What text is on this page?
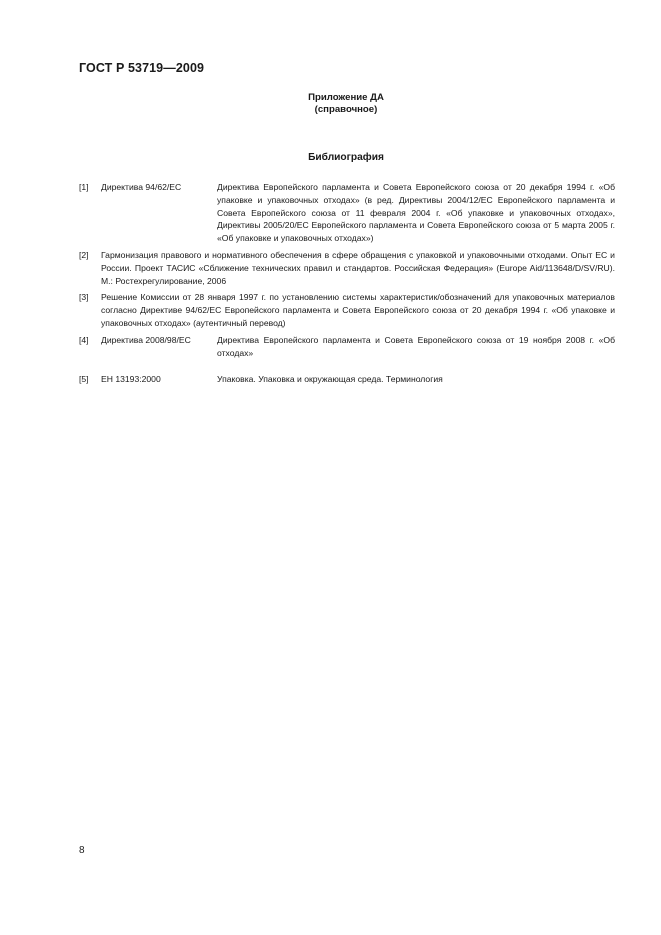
ГОСТ Р 53719—2009
Приложение ДА
(справочное)
Библиография
[1] Директива 94/62/ЕС	Директива Европейского парламента и Совета Европейского союза от 20 декабря 1994 г. «Об упаковке и упаковочных отходах» (в ред. Директивы 2004/12/ЕС Европейского парламента и Совета Европейского союза от 11 февраля 2004 г. «Об упаковке и упаковочных отходах», Директивы 2005/20/ЕС Европейского парламента и Совета Европейского союза от 5 марта 2005 г. «Об упаковке и упаковочных отходах»)
[2] Гармонизация правового и нормативного обеспечения в сфере обращения с упаковкой и упаковочными отходами. Опыт ЕС и России. Проект ТАСИС «Сближение технических правил и стандартов. Российская Федерация» (Europe Aid/113648/D/SV/RU). М.: Ростехрегулирование, 2006
[3] Решение Комиссии от 28 января 1997 г. по установлению системы характеристик/обозначений для упаковочных материалов согласно Директиве 94/62/ЕС Европейского парламента и Совета Европейского союза от 20 декабря 1994 г. «Об упаковке и упаковочных отходах» (аутентичный перевод)
[4] Директива 2008/98/ЕС	Директива Европейского парламента и Совета Европейского союза от 19 ноября 2008 г. «Об отходах»
[5] ЕН 13193:2000	Упаковка. Упаковка и окружающая среда. Терминология
8
